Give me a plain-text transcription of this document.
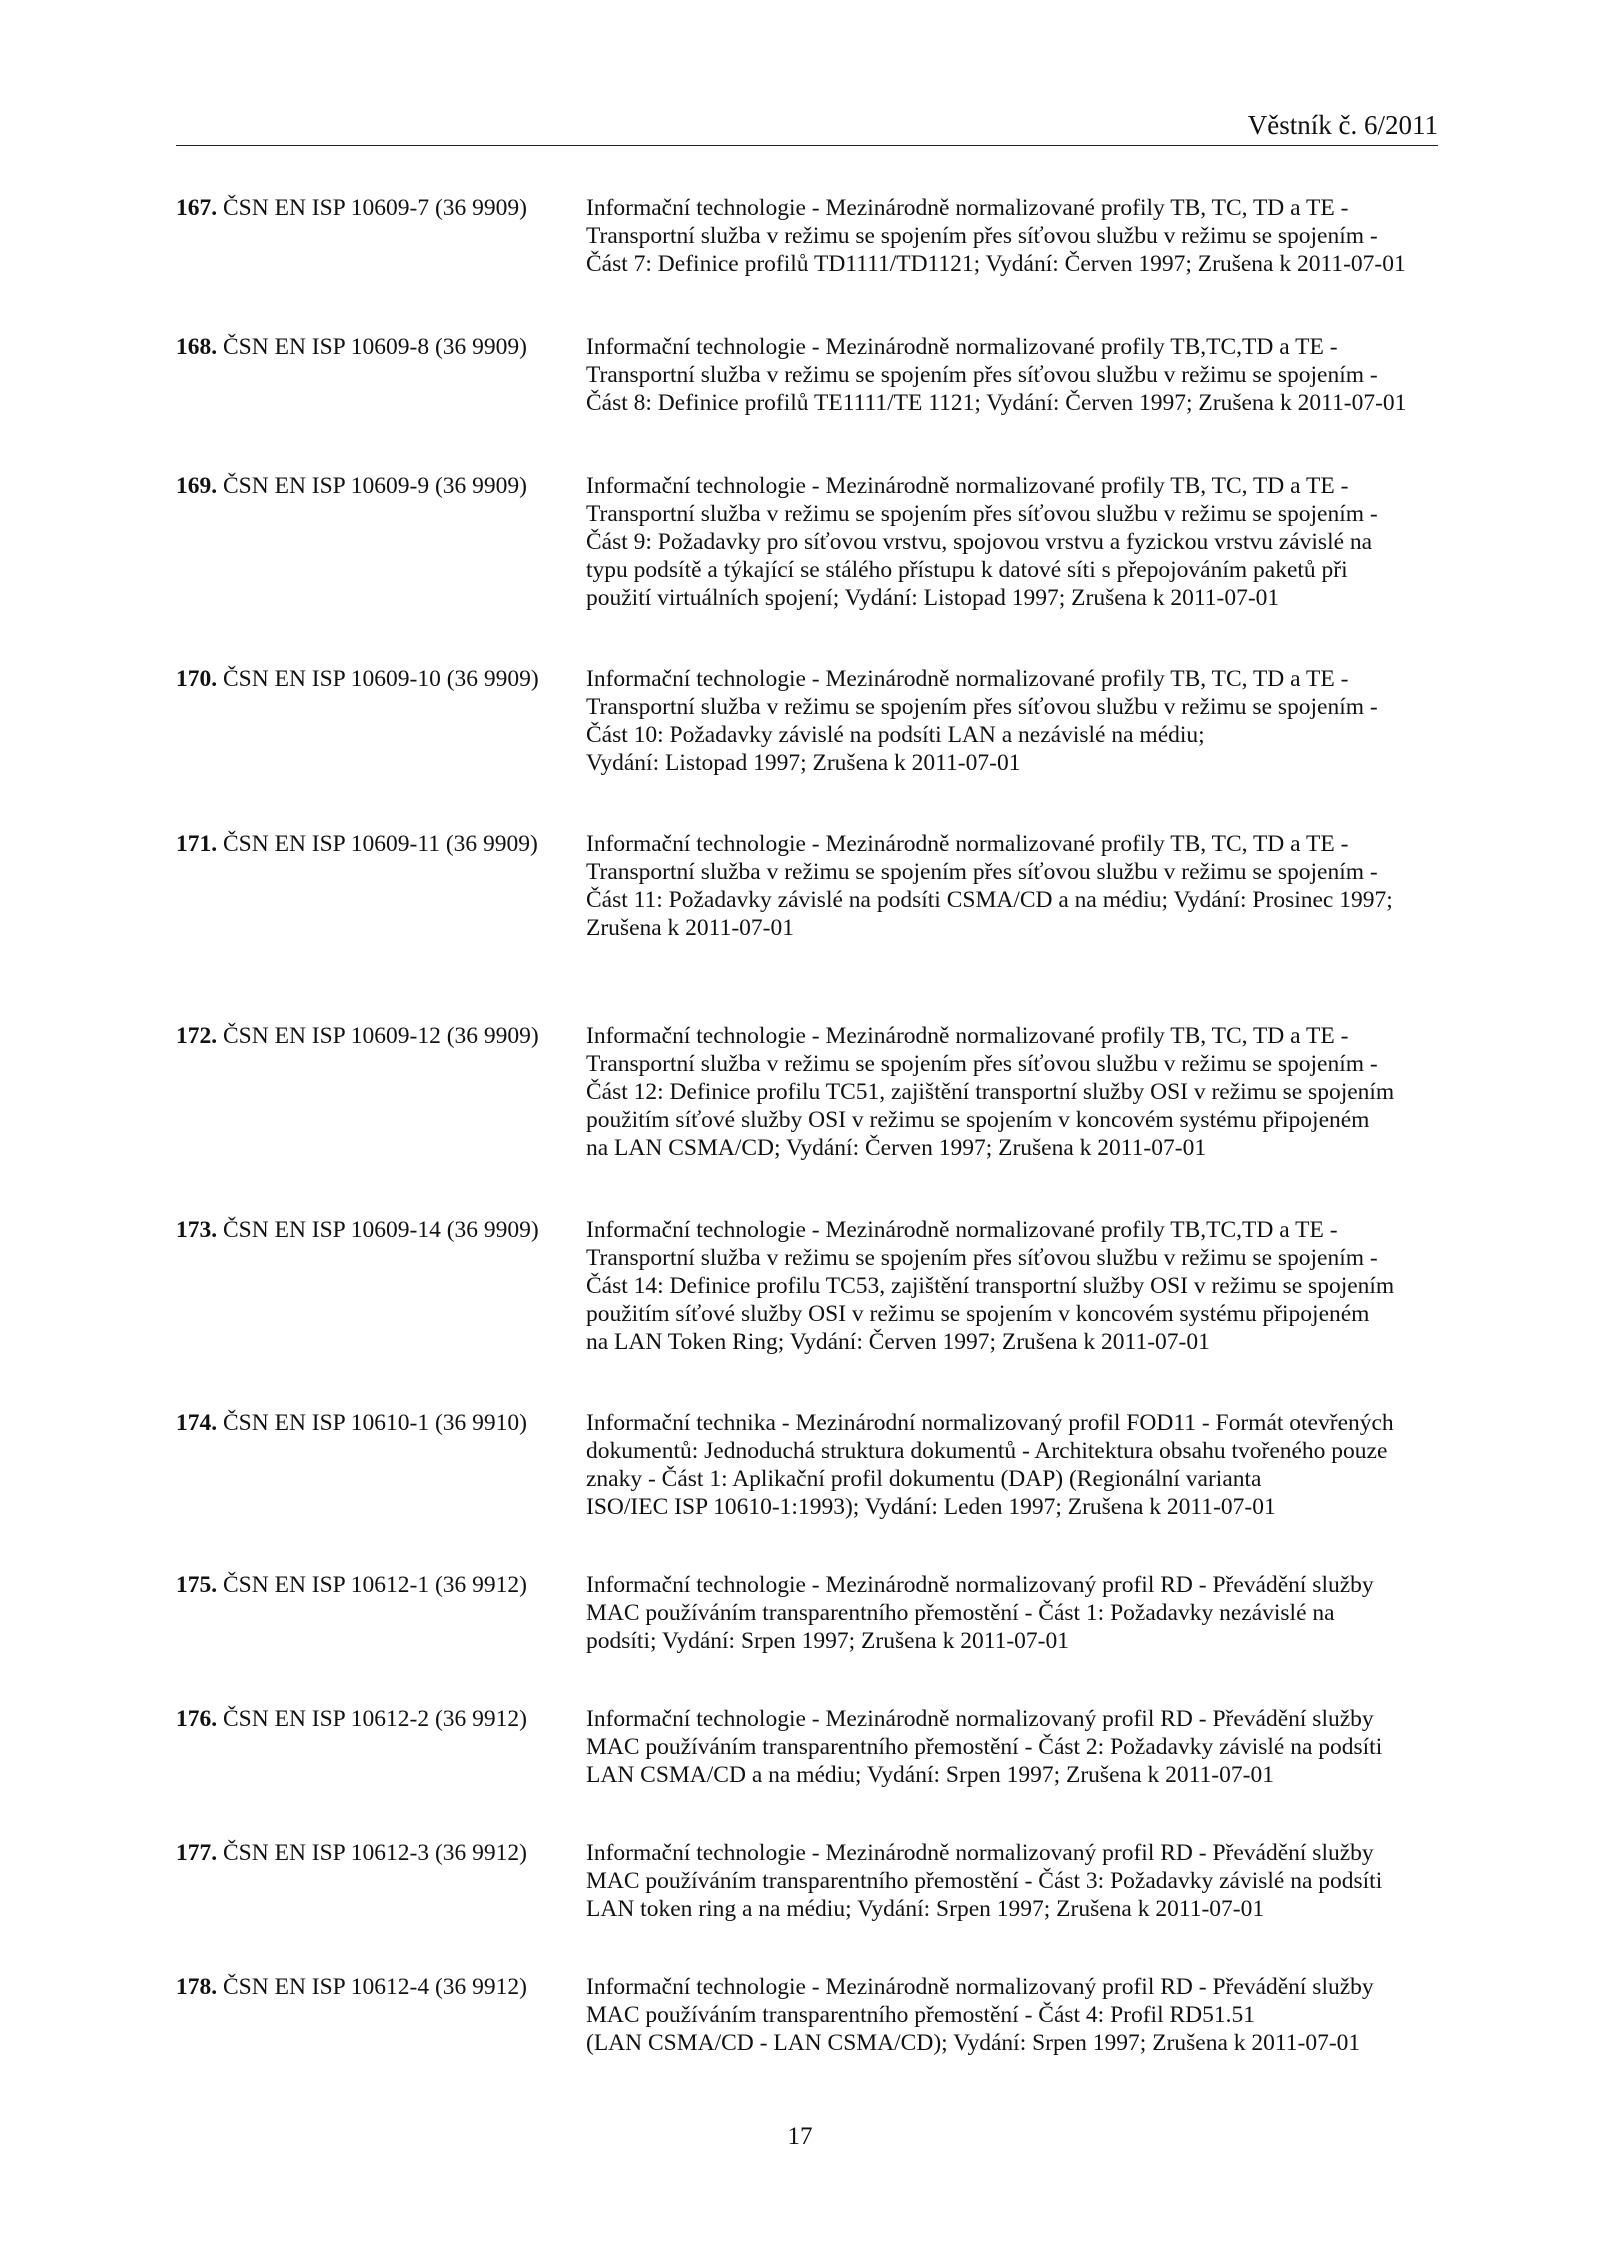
Věstník č. 6/2011
167. ČSN EN ISP 10609-7 (36 9909)	Informační technologie - Mezinárodně normalizované profily TB, TC, TD a TE -
Transportní služba v režimu se spojením přes síťovou službu v režimu se spojením -
Část 7: Definice profilů TD1111/TD1121; Vydání: Červen 1997; Zrušena k 2011-07-01
168. ČSN EN ISP 10609-8 (36 9909)	Informační technologie - Mezinárodně normalizované profily TB,TC,TD a TE -
Transportní služba v režimu se spojením přes síťovou službu v režimu se spojením -
Část 8: Definice profilů TE1111/TE 1121; Vydání: Červen 1997; Zrušena k 2011-07-01
169. ČSN EN ISP 10609-9 (36 9909)	Informační technologie - Mezinárodně normalizované profily TB, TC, TD a TE -
Transportní služba v režimu se spojením přes síťovou službu v režimu se spojením -
Část 9: Požadavky pro síťovou vrstvu, spojovou vrstvu a fyzickou vrstvu závislé na
typu podsítě a týkající se stálého přístupu k datové síti s přepojováním paketů při
použití virtuálních spojení; Vydání: Listopad 1997; Zrušena k 2011-07-01
170. ČSN EN ISP 10609-10 (36 9909)	Informační technologie - Mezinárodně normalizované profily TB, TC, TD a TE -
Transportní služba v režimu se spojením přes síťovou službu v režimu se spojením -
Část 10: Požadavky závislé na podsíti LAN a nezávislé na médiu;
Vydání: Listopad 1997; Zrušena k 2011-07-01
171. ČSN EN ISP 10609-11 (36 9909)	Informační technologie - Mezinárodně normalizované profily TB, TC, TD a TE -
Transportní služba v režimu se spojením přes síťovou službu v režimu se spojením -
Část 11: Požadavky závislé na podsíti CSMA/CD a na médiu; Vydání: Prosinec 1997;
Zrušena k 2011-07-01
172. ČSN EN ISP 10609-12 (36 9909)	Informační technologie - Mezinárodně normalizované profily TB, TC, TD a TE -
Transportní služba v režimu se spojením přes síťovou službu v režimu se spojením -
Část 12: Definice profilu TC51, zajištění transportní služby OSI v režimu se spojením
použitím síťové služby OSI v režimu se spojením v koncovém systému připojeném
na LAN CSMA/CD; Vydání: Červen 1997; Zrušena k 2011-07-01
173. ČSN EN ISP 10609-14 (36 9909)	Informační technologie - Mezinárodně normalizované profily TB,TC,TD a TE -
Transportní služba v režimu se spojením přes síťovou službu v režimu se spojením -
Část 14: Definice profilu TC53, zajištění transportní služby OSI v režimu se spojením
použitím síťové služby OSI v režimu se spojením v koncovém systému připojeném
na LAN Token Ring; Vydání: Červen 1997; Zrušena k 2011-07-01
174. ČSN EN ISP 10610-1 (36 9910)	Informační technika - Mezinárodní normalizovaný profil FOD11 - Formát otevřených
dokumentů: Jednoduchá struktura dokumentů - Architektura obsahu tvořeného pouze
znaky - Část 1: Aplikační profil dokumentu (DAP) (Regionální varianta
ISO/IEC ISP 10610-1:1993); Vydání: Leden 1997; Zrušena k 2011-07-01
175. ČSN EN ISP 10612-1 (36 9912)	Informační technologie - Mezinárodně normalizovaný profil RD - Převádění služby
MAC používáním transparentního přemostění - Část 1: Požadavky nezávislé na
podsíti; Vydání: Srpen 1997; Zrušena k 2011-07-01
176. ČSN EN ISP 10612-2 (36 9912)	Informační technologie - Mezinárodně normalizovaný profil RD - Převádění služby
MAC používáním transparentního přemostění - Část 2: Požadavky závislé na podsíti
LAN CSMA/CD a na médiu; Vydání: Srpen 1997; Zrušena k 2011-07-01
177. ČSN EN ISP 10612-3 (36 9912)	Informační technologie - Mezinárodně normalizovaný profil RD - Převádění služby
MAC používáním transparentního přemostění - Část 3: Požadavky závislé na podsíti
LAN token ring a na médiu; Vydání: Srpen 1997; Zrušena k 2011-07-01
178. ČSN EN ISP 10612-4 (36 9912)	Informační technologie - Mezinárodně normalizovaný profil RD - Převádění služby
MAC používáním transparentního přemostění - Část 4: Profil RD51.51
(LAN CSMA/CD - LAN CSMA/CD); Vydání: Srpen 1997; Zrušena k 2011-07-01
17
